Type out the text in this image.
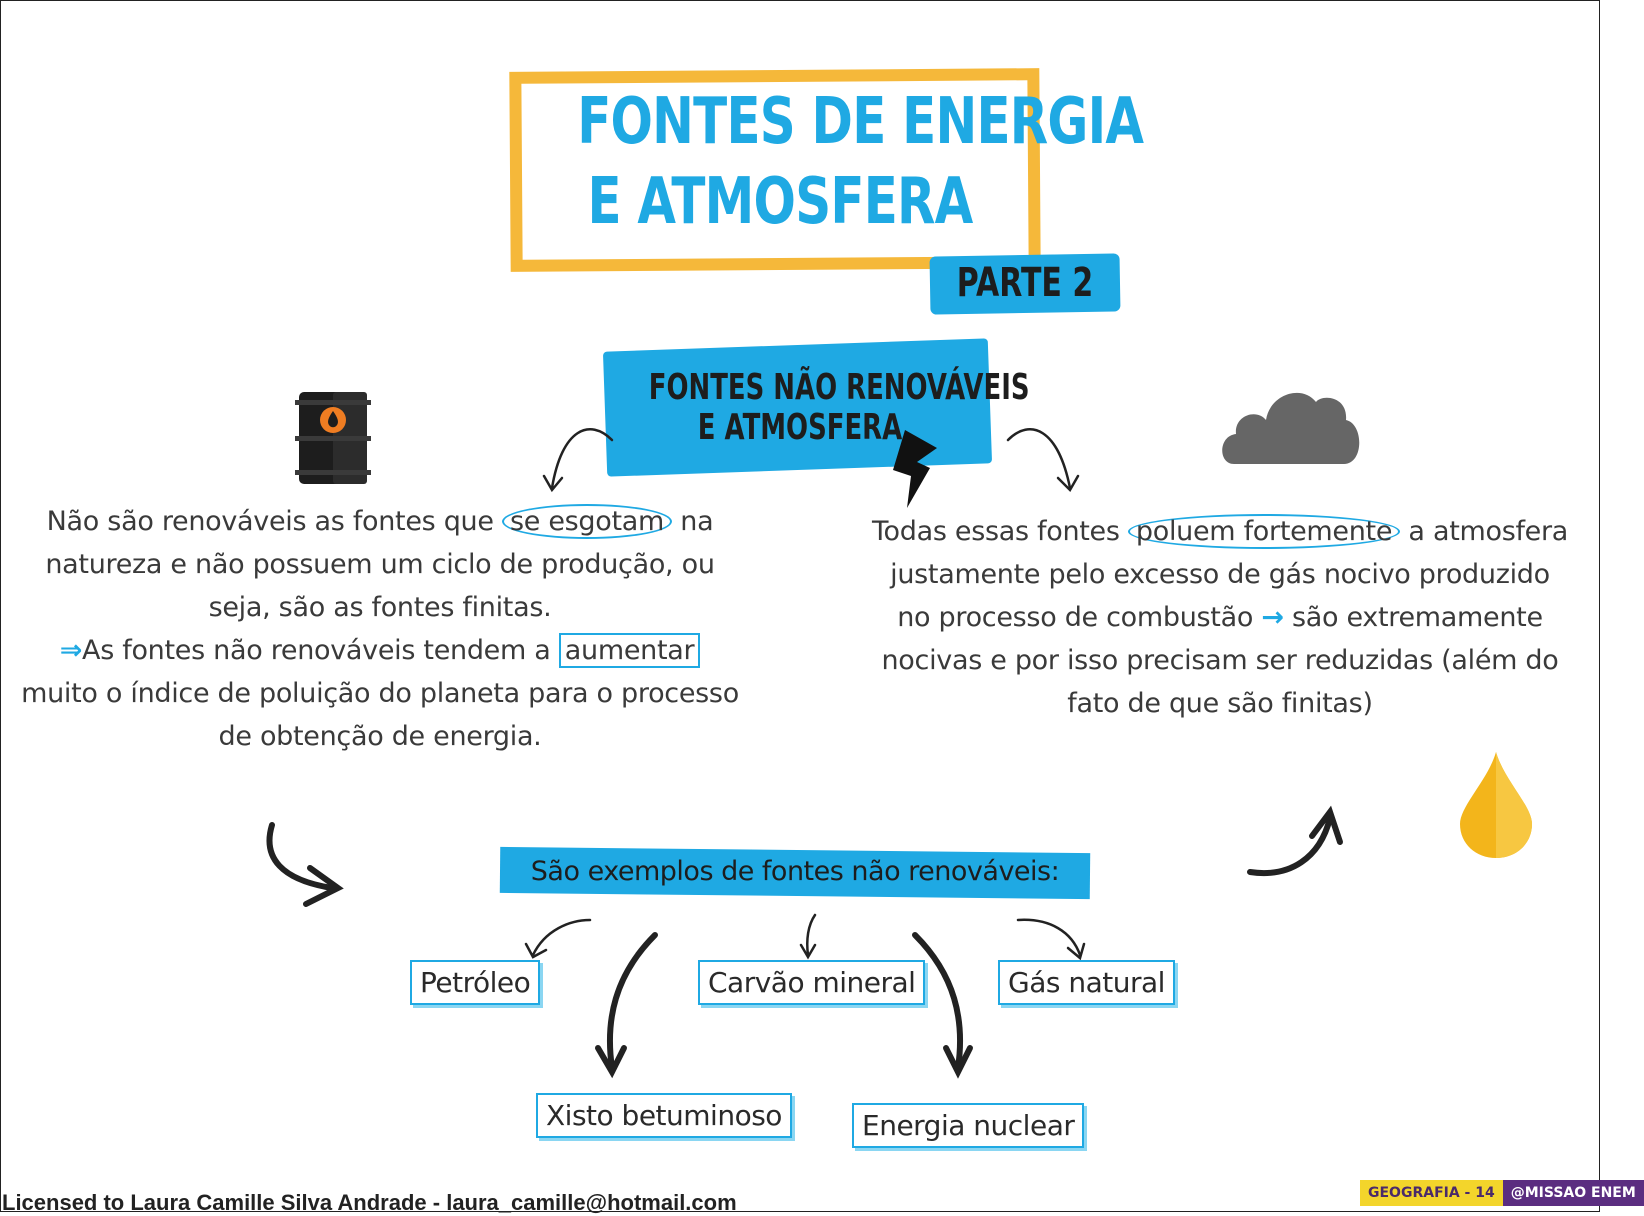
FONTES DE ENERGIA
E ATMOSFERA
PARTE 2
FONTES NÃO RENOVÁVEIS
E ATMOSFERA
Não são renováveis as fontes que se esgotam na natureza e não possuem um ciclo de produção, ou seja, são as fontes finitas.
⇒As fontes não renováveis tendem a aumentar muito o índice de poluição do planeta para o processo de obtenção de energia.
Todas essas fontes poluem fortemente a atmosfera justamente pelo excesso de gás nocivo produzido no processo de combustão → são extremamente nocivas e por isso precisam ser reduzidas (além do fato de que são finitas)
São exemplos de fontes não renováveis:
Petróleo	Carvão mineral	Gás natural
Xisto betuminoso	Energia nuclear
Licensed to Laura Camille Silva Andrade - laura_camille@hotmail.com	GEOGRAFIA - 14	@MISSAO ENEM
